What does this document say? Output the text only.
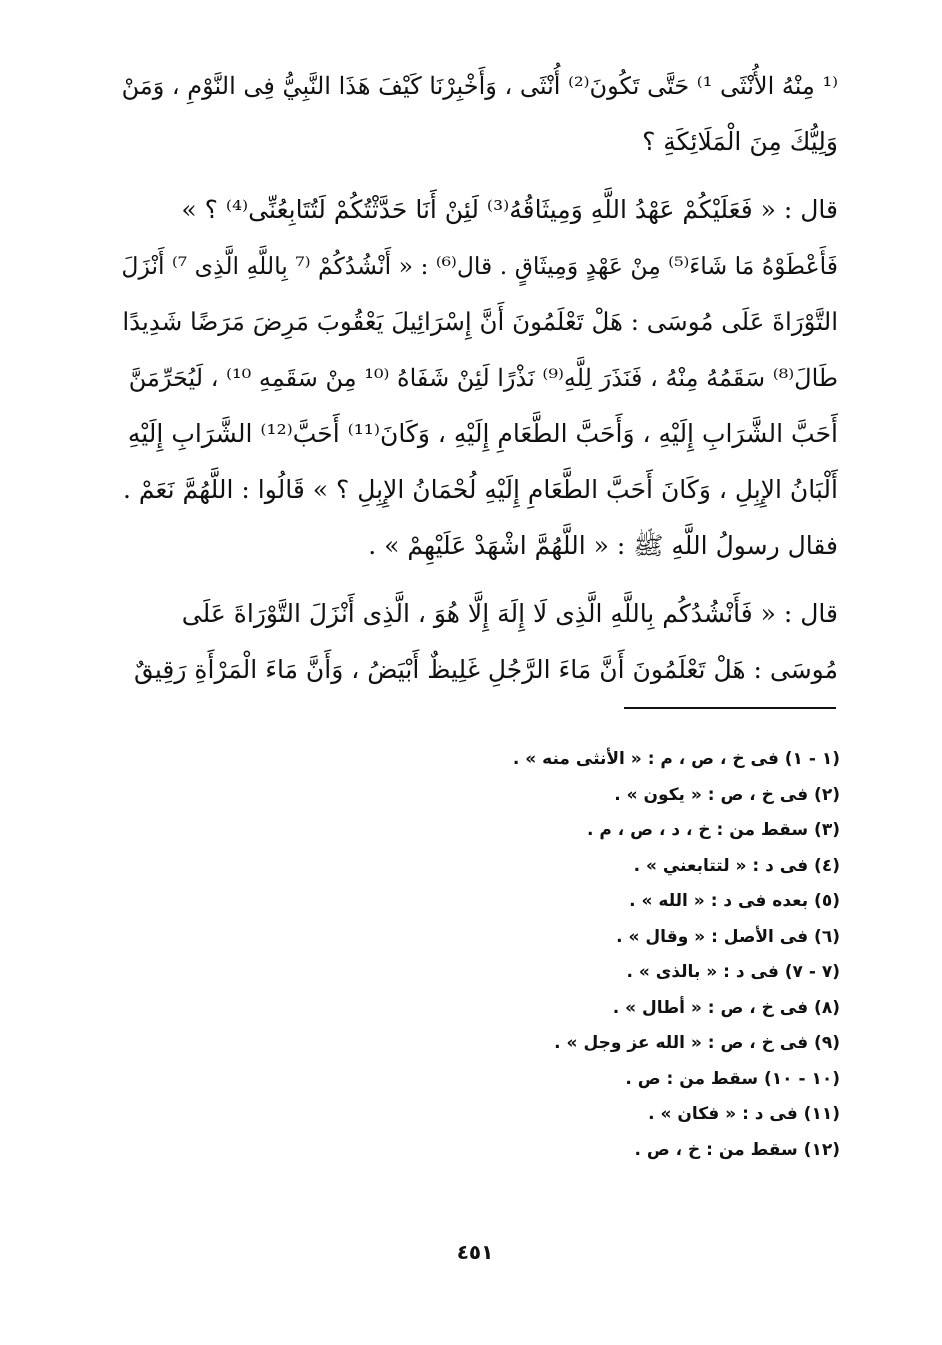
⁽¹ مِنْهُ الأُنْثَى ¹⁾ حَتَّى تَكُونَ⁽²⁾ أُنْثَى ، وَأَخْبِرْنَا كَيْفَ هَذَا النَّبِيُّ فِى النَّوْمِ ، وَمَنْ
وَلِيُّكَ مِنَ الْمَلَائِكَةِ ؟
قال : « فَعَلَيْكُمْ عَهْدُ اللَّهِ وَمِيثَاقُهُ⁽³⁾ لَئِنْ أَنَا حَدَّثْتُكُمْ لَتُتَابِعُنِّى⁽⁴⁾ ؟ »
فَأَعْطَوْهُ مَا شَاءَ⁽⁵⁾ مِنْ عَهْدٍ وَمِيثَاقٍ . قال⁽⁶⁾ : « أَنْشُدُكُمْ ⁽⁷ بِاللَّهِ الَّذِى ⁷⁾ أَنْزَلَ
التَّوْرَاةَ عَلَى مُوسَى : هَلْ تَعْلَمُونَ أَنَّ إِسْرَائِيلَ يَعْقُوبَ مَرِضَ مَرَضًا شَدِيدًا
طَالَ⁽⁸⁾ سَقَمُهُ مِنْهُ ، فَنَذَرَ لِلَّهِ⁽⁹⁾ نَذْرًا لَئِنْ شَفَاهُ ⁽¹⁰ مِنْ سَقَمِهِ ¹⁰⁾ ، لَيُحَرِّمَنَّ
أَحَبَّ الشَّرَابِ إِلَيْهِ ، وَأَحَبَّ الطَّعَامِ إِلَيْهِ ، وَكَانَ⁽¹¹⁾ أَحَبَّ⁽¹²⁾ الشَّرَابِ إِلَيْهِ
أَلْبَانُ الإِبِلِ ، وَكَانَ أَحَبَّ الطَّعَامِ إِلَيْهِ لُحْمَانُ الإِبِلِ ؟ » قَالُوا : اللَّهُمَّ نَعَمْ .
فقال رسولُ اللَّهِ ﷺ : « اللَّهُمَّ اشْهَدْ عَلَيْهِمْ » .
قال : « فَأَنْشُدُكُم بِاللَّهِ الَّذِى لَا إِلَهَ إِلَّا هُوَ ، الَّذِى أَنْزَلَ التَّوْرَاةَ عَلَى
مُوسَى : هَلْ تَعْلَمُونَ أَنَّ مَاءَ الرَّجُلِ غَلِيظٌ أَبْيَضُ ، وَأَنَّ مَاءَ الْمَرْأَةِ رَقِيقٌ
(١ - ١) فى خ ، ص ، م : « الأنثى منه » .
(٢) فى خ ، ص : « يكون » .
(٣) سقط من : خ ، د ، ص ، م .
(٤) فى د : « لتتابعني » .
(٥) بعده فى د : « الله » .
(٦) فى الأصل : « وقال » .
(٧ - ٧) فى د : « بالذى » .
(٨) فى خ ، ص : « أطال » .
(٩) فى خ ، ص : « الله عز وجل » .
(١٠ - ١٠) سقط من : ص .
(١١) فى د : « فكان » .
(١٢) سقط من : خ ، ص .
٤٥١
